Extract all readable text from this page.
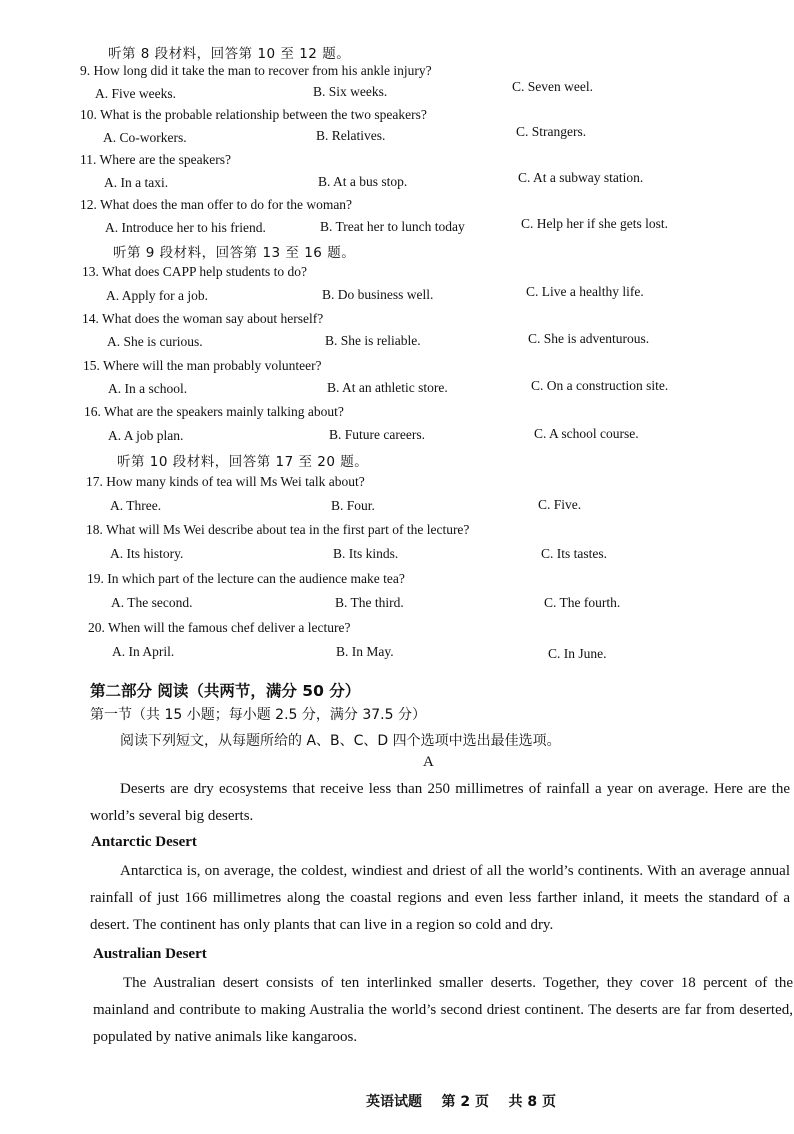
听第 8 段材料，回答第 10 至 12 题。
9. How long did it take the man to recover from his ankle injury?
A. Five weeks.	B. Six weeks.	C. Seven weel.
10. What is the probable relationship between the two speakers?
A. Co-workers.	B. Relatives.	C. Strangers.
11. Where are the speakers?
A. In a taxi.	B. At a bus stop.	C. At a subway station.
12. What does the man offer to do for the woman?
A. Introduce her to his friend.	B. Treat her to lunch today	C. Help her if she gets lost.
听第 9 段材料，回答第 13 至 16 题。
13. What does CAPP help students to do?
A. Apply for a job.	B. Do business well.	C. Live a healthy life.
14. What does the woman say about herself?
A. She is curious.	B. She is reliable.	C. She is adventurous.
15. Where will the man probably volunteer?
A. In a school.	B. At an athletic store.	C. On a construction site.
16. What are the speakers mainly talking about?
A. A job plan.	B. Future careers.	C. A school course.
听第 10 段材料，回答第 17 至 20 题。
17. How many kinds of tea will Ms Wei talk about?
A. Three.	B. Four.	C. Five.
18. What will Ms Wei describe about tea in the first part of the lecture?
A. Its history.	B. Its kinds.	C. Its tastes.
19. In which part of the lecture can the audience make tea?
A. The second.	B. The third.	C. The fourth.
20. When will the famous chef deliver a lecture?
A. In April.	B. In May.	C. In June.
第二部分 阅读（共两节，满分 50 分）
第一节（共 15 小题；每小题 2.5 分，满分 37.5 分）
阅读下列短文，从每题所给的 A、B、C、D 四个选项中选出最佳选项。
A
Deserts are dry ecosystems that receive less than 250 millimetres of rainfall a year on average. Here are the world’s several big deserts.
Antarctic Desert
Antarctica is, on average, the coldest, windiest and driest of all the world’s continents. With an average annual rainfall of just 166 millimetres along the coastal regions and even less farther inland, it meets the standard of a desert. The continent has only plants that can live in a region so cold and dry.
Australian Desert
The Australian desert consists of ten interlinked smaller deserts. Together, they cover 18 percent of the mainland and contribute to making Australia the world’s second driest continent. The deserts are far from deserted, populated by native animals like kangaroos.
英语试题    第 2 页    共 8 页
